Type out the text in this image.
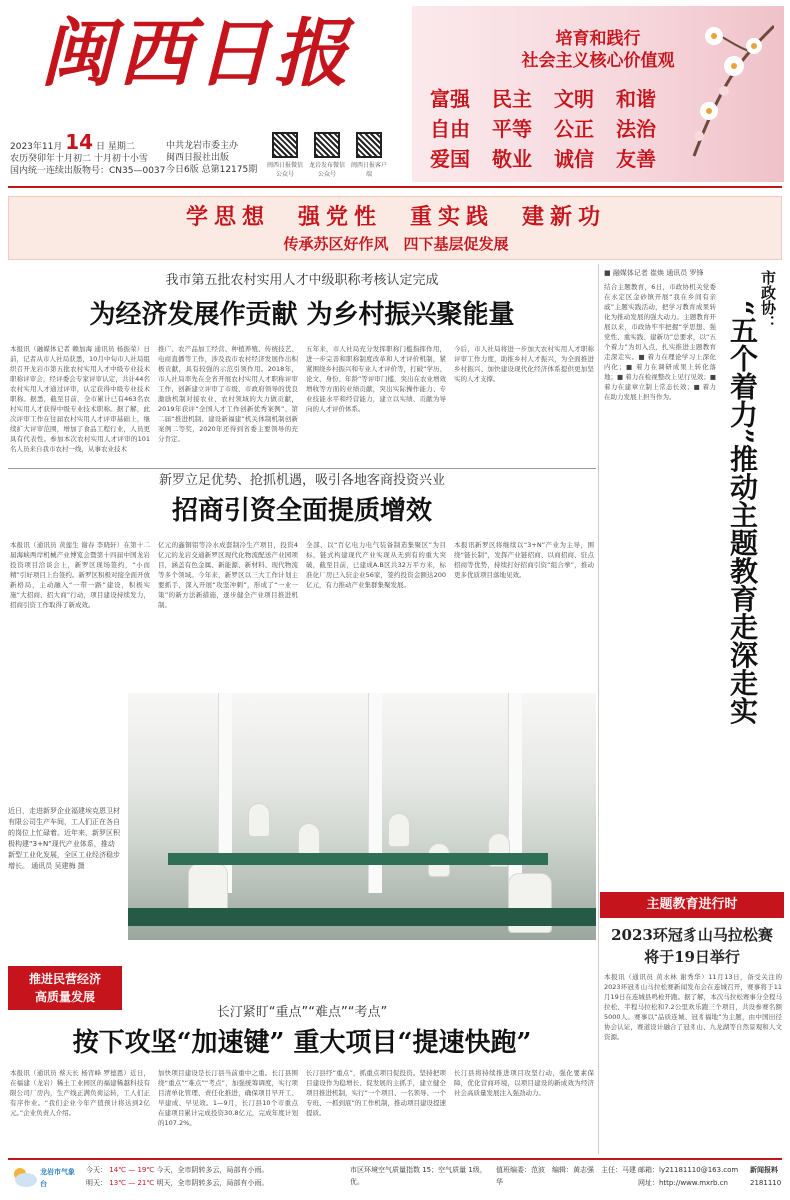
闽西日报
2023年11月 14 日 星期二
农历癸卯年十月初二 十月初十小雪
国内统一连续出版物号：CN35—0037
中共龙岩市委主办
闽西日报社出版
今日6版 总第12175期	闽西日报微信公众号
龙岩发布微信公众号
闽西日报客户端
培育和践行
社会主义核心价值观
富强 民主 文明 和谐
自由 平等 公正 法治
爱国 敬业 诚信 友善
学思想　强党性　重实践　建新功
传承苏区好作风　四下基层促发展
我市第五批农村实用人才中级职称考核认定完成
为经济发展作贡献 为乡村振兴聚能量
本报讯（融媒体记者 赖加海 通讯员 杨振荣）日前，记者从市人社局获悉，10月中旬市人社局组织召开龙岩市第五批农村实用人才中级专业技术职称评审会，经评委会专家评审认定，共计44名农村实用人才通过评审，认定获得中级专业技术职称。据悉，截至目前，全市累计已有463名农村实用人才获得中级专业技术职称。据了解，此次评审工作在往届农村实用人才评审基础上，继续扩大评审范围，增加了食品工程行业，人员更具有代表性。参加本次农村实用人才评审的101名人员来自我市农村一线，从事农业技术
推广、农产品加工经营、种植养殖、传统技艺、电商直播等工作，涉及我市农村经济发展作出积极贡献，具有较强的示范引领作用。2018年，市人社局率先在全省开展农村实用人才职称评审工作，创新建立评审了市级、市政府领导的优良激励机制对接农业、农村领域的大力做贡献，2019年获评“全国人才工作创新优秀案例”、第二届“推进机制、建设新福建”机关体制机制创新案例二等奖，2020年还得到省委主要领导的充分肯定。
五年来，市人社局充分发挥职称门槛指挥作用，进一步完善和职称制度改革和人才评价机制，紧紧围绕乡村振兴和专业人才评价等，打破“学历、论文、身份、年龄”等评审门槛，突出在农业增效增收等方面的业绩贡献，突出实际操作能力、专业技能水平和经营能力，建立以实绩、贡献为导向的人才评价体系。
今后，市人社局将进一步加大农村实用人才职称评审工作力度，助推乡村人才振兴，为全面推进乡村振兴、加快建设现代化经济体系提供更加坚实的人才支撑。
新罗立足优势、抢抓机遇，吸引各地客商投资兴业
招商引资全面提质增效
本报讯（通讯员 黄莲生 谢春 李晓轩）在第十二届海峡两岸机械产业博览会暨第十四届中国龙岩投资项目洽谈会上，新罗区现场签约，“小而精”引好项目上台签约。新罗区积极对接全面开放新格局，主动融入“一带一路”建设，积极实施“大招商、招大商”行动，项目建设持续发力，招商引资工作取得了新成效。
亿元的鑫铜铝等冷水成套制冷生产项目，投资4亿元的龙岩交通新罗区现代化物流配送产业园项目，涵盖有色金属、新能源、新材料、现代物流等多个领域。今年来，新罗区以三大工作计划主要抓手，深入开展“攻坚冲刺”，形成了“一业一策”的新方法新措施，逐步健全产业项目推进机制。
全部、以“百亿电力电气装备制造集聚区”为目标，链式构建现代产业实现从无到有的重大突破，截至目前，已建成A.B区共32万平方米，标准化厂房已入驻企业56家，签约投资金额达200亿元，有力推动产业集群集聚发展。
本报讯新罗区将继续以“3+N”产业为主导，围绕“链长制”，发挥产业链招商、以商招商、驻点招商等优势，持续打好招商引资“组合拳”，推动更多优质项目落地见效。
近日，走进新罗企业福建埃克恩卫材有限公司生产车间，工人们正在各自的岗位上忙碌着。近年来，新罗区积极构建“3+N”现代产业体系，推动新型工业化发展，全区工业经济稳步增长。 通讯员 吴建梅 摄
推进民营经济
高质量发展
长汀紧盯“重点”“难点”“考点”
按下攻坚“加速键” 重大项目“提速快跑”
本报讯（通讯员 蔡天长 杨宵峰 罗德恩）近日，在福建（龙岩）稀土工业园区的福建稀越科技有限公司厂房内，生产线正满负荷运转，工人们正有序作业。“我们企业今年产值预计将达到2亿元。”企业负责人介绍。
加快项目建设是长汀县当前重中之重。长汀县围绕“重点”“难点”“考点”，加强统筹调度，实行项目清单化管理、责任化推进，确保项目早开工、早建成、早见效。1—9月，长汀县10个市重点在建项目累计完成投资30.8亿元，完成年度计划的107.2%。
长汀县纾“重点”，抓重点项目促投资。坚持把项目建设作为稳增长、促发展的主抓手，建立健全项目推进机制，实行“一个项目、一名领导、一个专班、一抓到底”的工作机制，推动项目建设提速提质。
长汀县将持续推进项目攻坚行动，强化要素保障，优化营商环境，以项目建设的新成效为经济社会高质量发展注入强劲动力。
■ 融媒体记者 崔焕 通讯员 罗锋	市政协：
“五个着力”推动主题教育走深走实
结合主题教育，6日，市政协机关党委在永定区金砂镇开展“我在乡间有亲戚”主题实践活动，把学习教育成果转化为推动发展的强大动力。主题教育开展以来，市政协牢牢把握“学思想、强党性、重实践、建新功”总要求，以“五个着力”为切入点，扎实推进主题教育走深走实。■ 着力在理论学习上深化内化；■ 着力在调研成果上转化落地；■ 着力在检视整改上见行见效；■ 着力在建章立制上常态长效；■ 着力在助力发展上担当作为。
主题教育进行时
2023环冠豸山马拉松赛
将于19日举行
本报讯（通讯员 黄水林 谢秀华）11月13日，备受关注的2023环冠豸山马拉松赛新闻发布会在连城召开，赛事将于11月19日在连城县鸣枪开跑。据了解，本次马拉松赛事分全程马拉松、半程马拉松和7.2公里欢乐跑三个项目，共设参赛名额5000人。赛事以“品质连城、冠豸福地”为主题，由中国田径协会认证，赛道设计融合了冠豸山、九龙湖等自然景观和人文资源。
龙岩市气象台
今天： 14℃ — 19℃ 今天，全市阴转多云，局部有小雨。
明天： 13℃ — 21℃ 明天，全市阴转多云，局部有小雨。
市区环境空气质量指数 15；空气质量 1级，优。
值班编委：范波　编辑：黄志强　主任：马建华
邮箱：ly21181110@163.com
网址：http://www.mxrb.cn
新闻报料
2181110
